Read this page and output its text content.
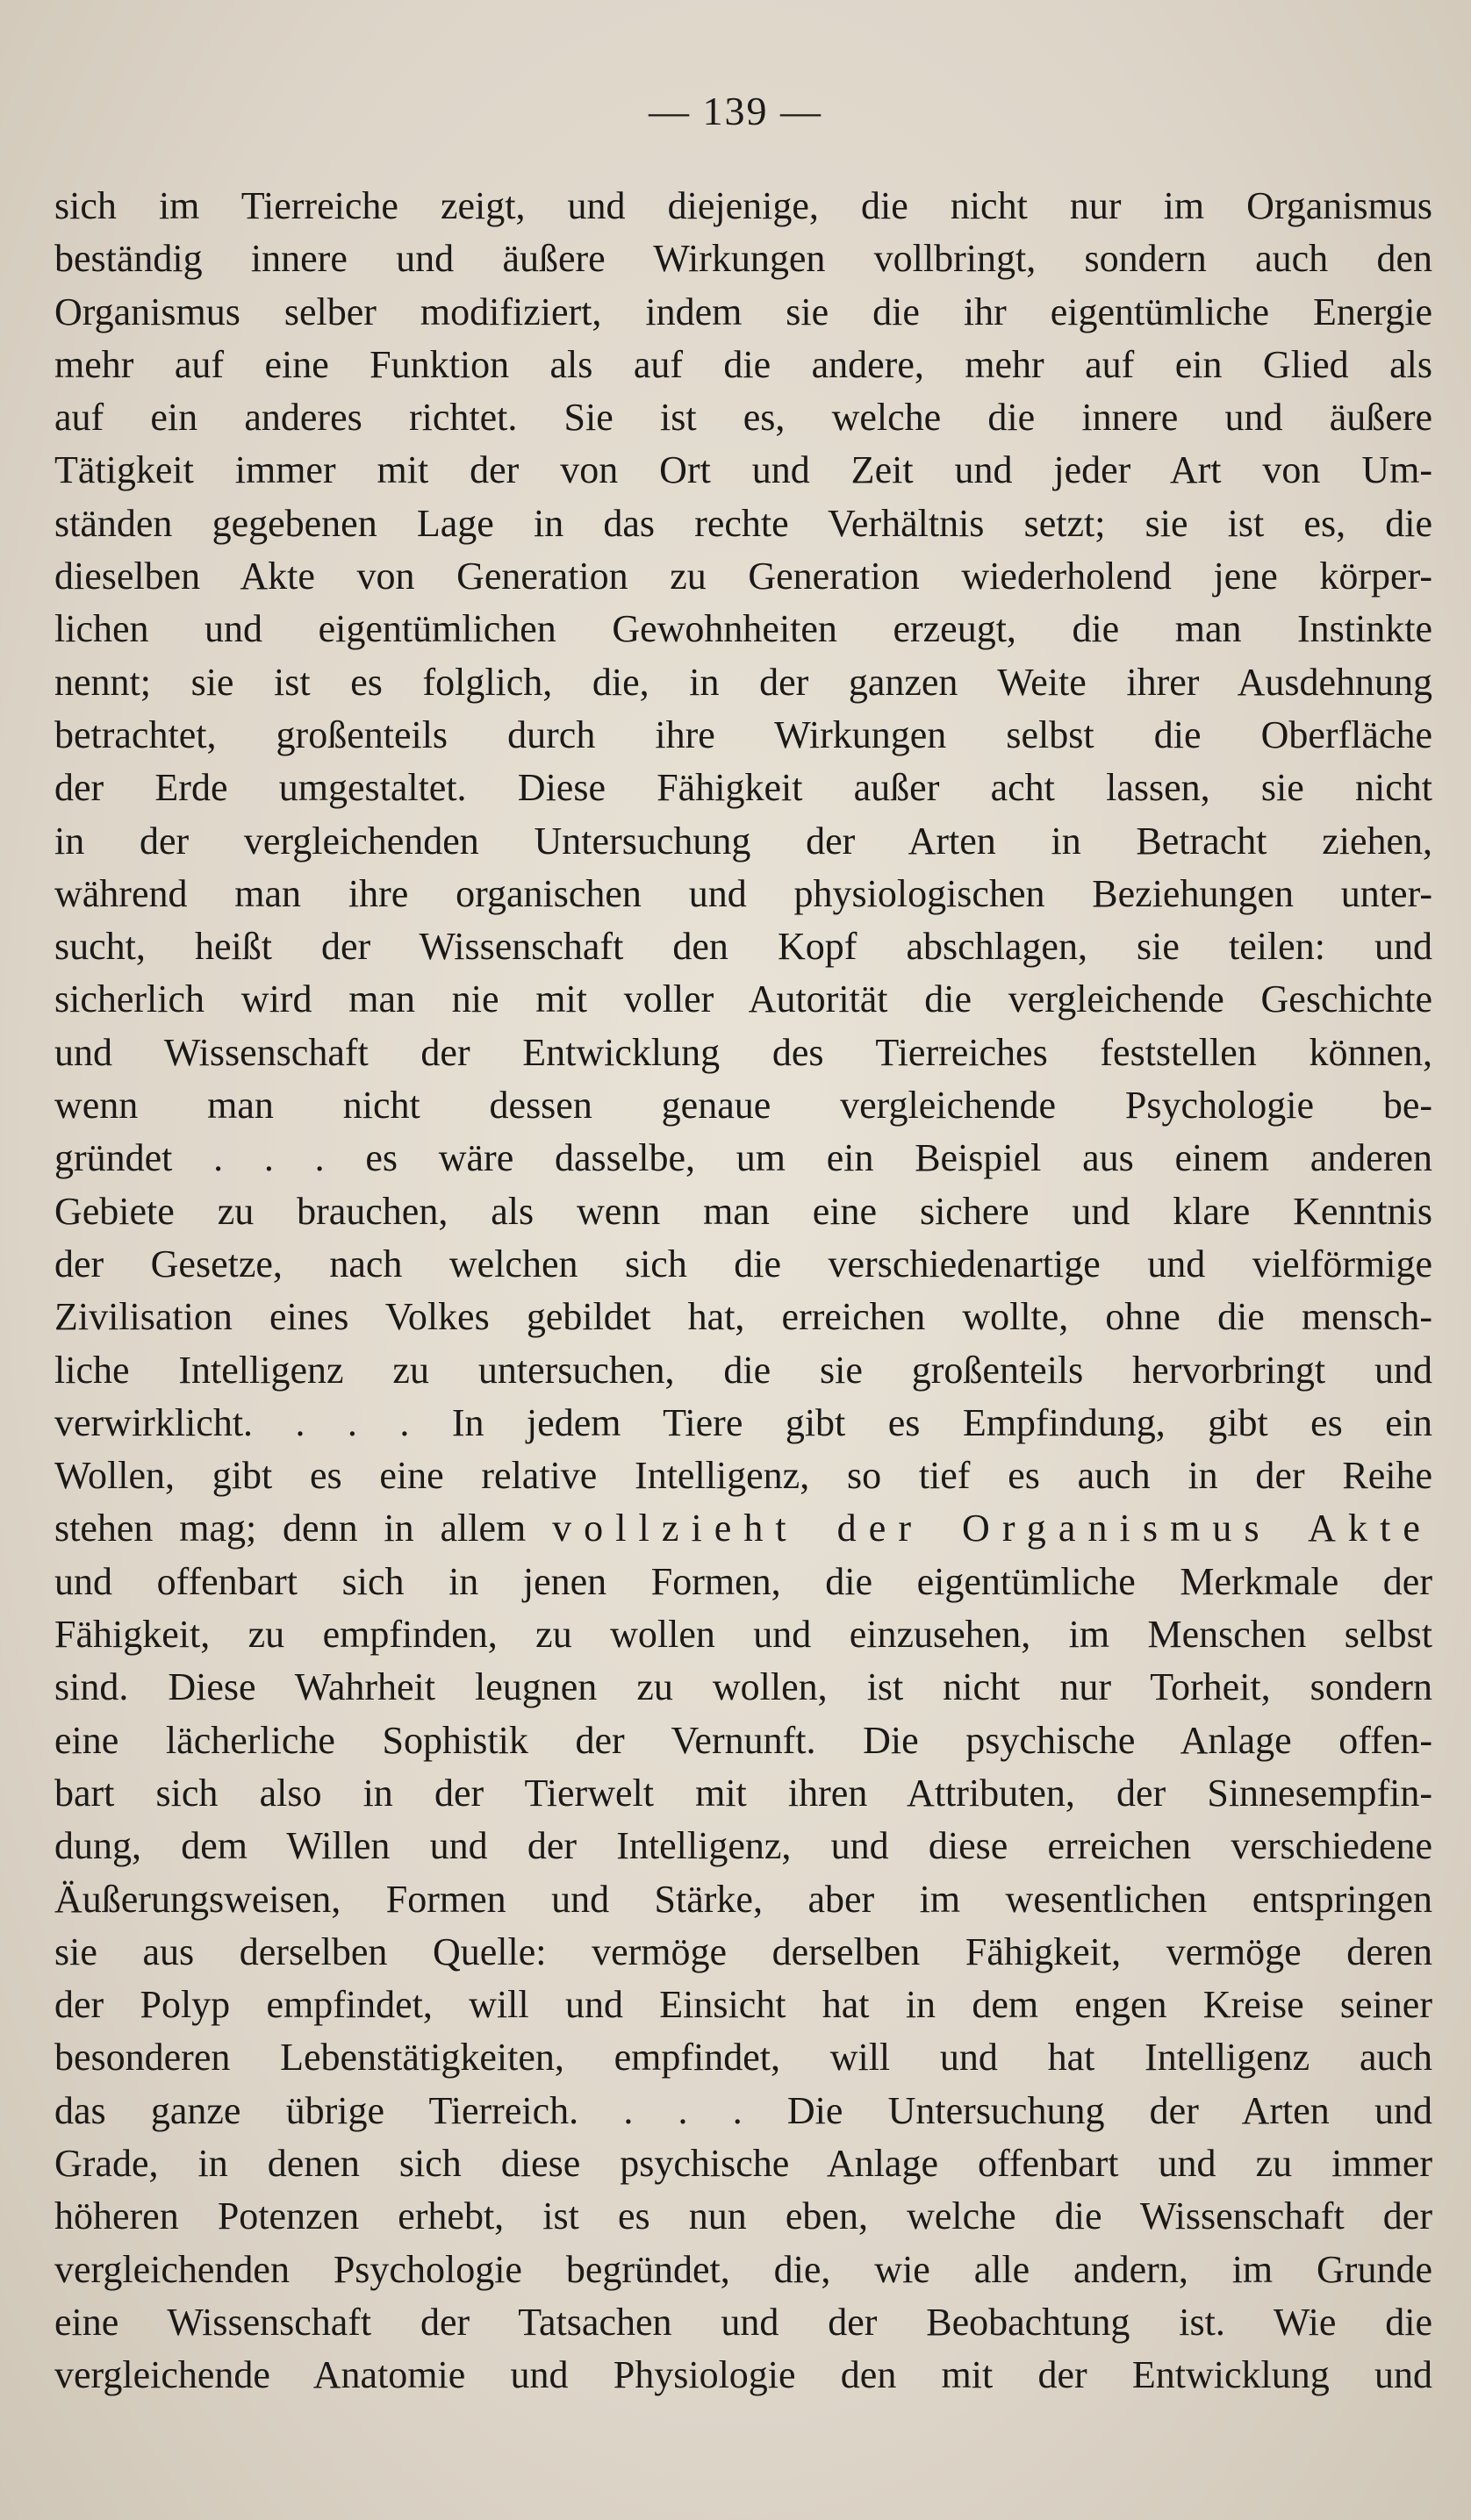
— 139 —
sich im Tierreiche zeigt, und diejenige, die nicht nur im Organismus
beständig innere und äußere Wirkungen vollbringt, sondern auch den
Organismus selber modifiziert, indem sie die ihr eigentümliche Energie
mehr auf eine Funktion als auf die andere, mehr auf ein Glied als
auf ein anderes richtet. Sie ist es, welche die innere und äußere
Tätigkeit immer mit der von Ort und Zeit und jeder Art von Um-
ständen gegebenen Lage in das rechte Verhältnis setzt; sie ist es, die
dieselben Akte von Generation zu Generation wiederholend jene körper-
lichen und eigentümlichen Gewohnheiten erzeugt, die man Instinkte
nennt; sie ist es folglich, die, in der ganzen Weite ihrer Ausdehnung
betrachtet, großenteils durch ihre Wirkungen selbst die Oberfläche
der Erde umgestaltet. Diese Fähigkeit außer acht lassen, sie nicht
in der vergleichenden Untersuchung der Arten in Betracht ziehen,
während man ihre organischen und physiologischen Beziehungen unter-
sucht, heißt der Wissenschaft den Kopf abschlagen, sie teilen: und
sicherlich wird man nie mit voller Autorität die vergleichende Geschichte
und Wissenschaft der Entwicklung des Tierreiches feststellen können,
wenn man nicht dessen genaue vergleichende Psychologie be-
gründet . . . es wäre dasselbe, um ein Beispiel aus einem anderen
Gebiete zu brauchen, als wenn man eine sichere und klare Kenntnis
der Gesetze, nach welchen sich die verschiedenartige und vielförmige
Zivilisation eines Volkes gebildet hat, erreichen wollte, ohne die mensch-
liche Intelligenz zu untersuchen, die sie großenteils hervorbringt und
verwirklicht. . . . In jedem Tiere gibt es Empfindung, gibt es ein
Wollen, gibt es eine relative Intelligenz, so tief es auch in der Reihe
stehen mag; denn in allem vollzieht der Organismus Akte
und offenbart sich in jenen Formen, die eigentümliche Merkmale der
Fähigkeit, zu empfinden, zu wollen und einzusehen, im Menschen selbst
sind. Diese Wahrheit leugnen zu wollen, ist nicht nur Torheit, sondern
eine lächerliche Sophistik der Vernunft. Die psychische Anlage offen-
bart sich also in der Tierwelt mit ihren Attributen, der Sinnesempfin-
dung, dem Willen und der Intelligenz, und diese erreichen verschiedene
Äußerungsweisen, Formen und Stärke, aber im wesentlichen entspringen
sie aus derselben Quelle: vermöge derselben Fähigkeit, vermöge deren
der Polyp empfindet, will und Einsicht hat in dem engen Kreise seiner
besonderen Lebenstätigkeiten, empfindet, will und hat Intelligenz auch
das ganze übrige Tierreich. . . . Die Untersuchung der Arten und
Grade, in denen sich diese psychische Anlage offenbart und zu immer
höheren Potenzen erhebt, ist es nun eben, welche die Wissenschaft der
vergleichenden Psychologie begründet, die, wie alle andern, im Grunde
eine Wissenschaft der Tatsachen und der Beobachtung ist. Wie die
vergleichende Anatomie und Physiologie den mit der Entwicklung und
